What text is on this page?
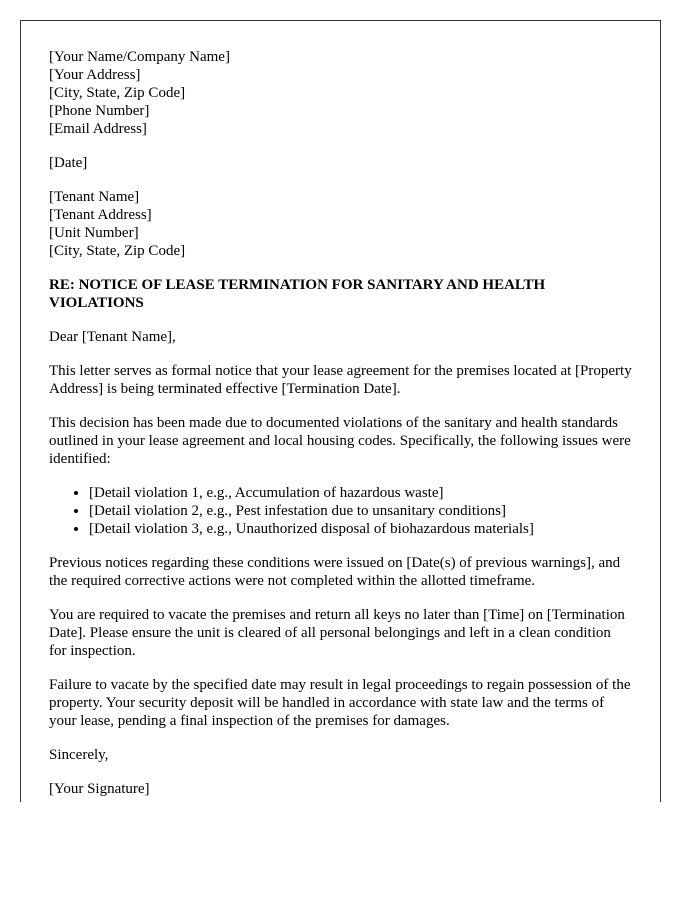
[Your Name/Company Name]
[Your Address]
[City, State, Zip Code]
[Phone Number]
[Email Address]

[Date]

[Tenant Name]
[Tenant Address]
[Unit Number]
[City, State, Zip Code]

RE: NOTICE OF LEASE TERMINATION FOR SANITARY AND HEALTH VIOLATIONS

Dear [Tenant Name],

This letter serves as formal notice that your lease agreement for the premises located at [Property Address] is being terminated effective [Termination Date].

This decision has been made due to documented violations of the sanitary and health standards outlined in your lease agreement and local housing codes. Specifically, the following issues were identified:

• [Detail violation 1, e.g., Accumulation of hazardous waste]
• [Detail violation 2, e.g., Pest infestation due to unsanitary conditions]
• [Detail violation 3, e.g., Unauthorized disposal of biohazardous materials]

Previous notices regarding these conditions were issued on [Date(s) of previous warnings], and the required corrective actions were not completed within the allotted timeframe.

You are required to vacate the premises and return all keys no later than [Time] on [Termination Date]. Please ensure the unit is cleared of all personal belongings and left in a clean condition for inspection.

Failure to vacate by the specified date may result in legal proceedings to regain possession of the property. Your security deposit will be handled in accordance with state law and the terms of your lease, pending a final inspection of the premises for damages.

Sincerely,

[Your Signature]
